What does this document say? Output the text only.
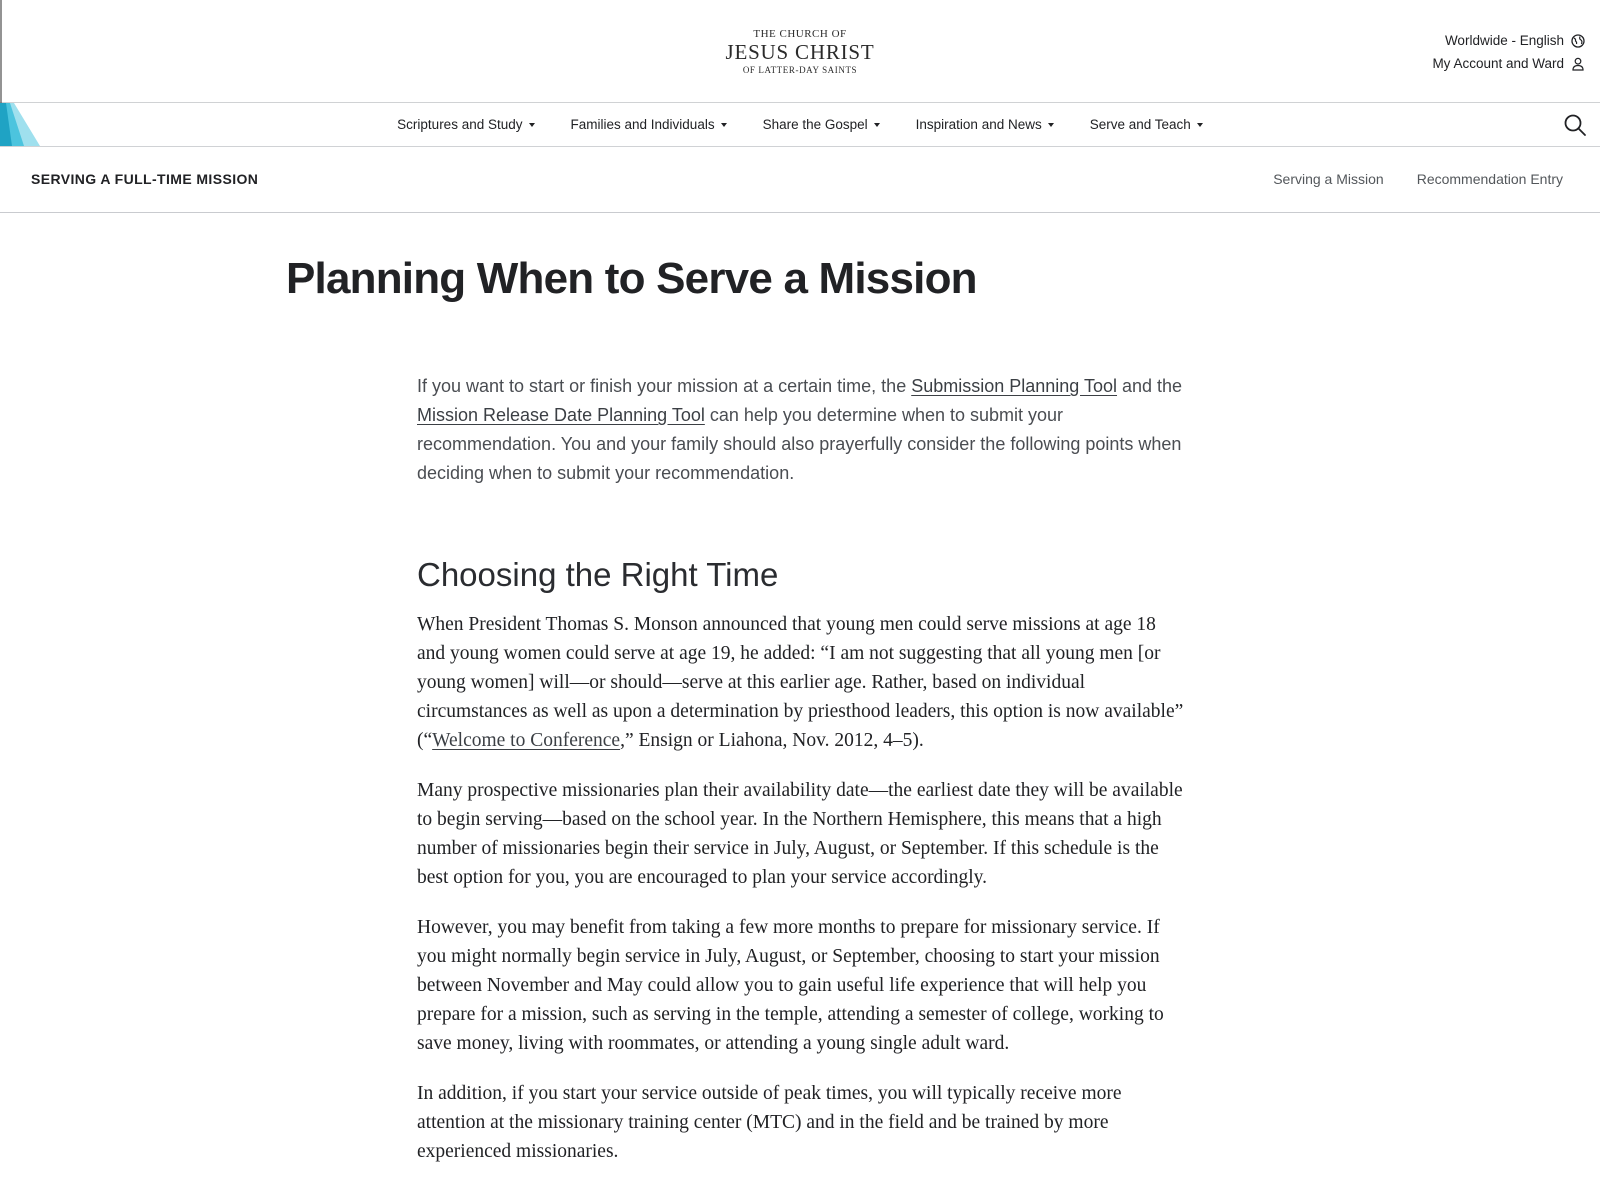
THE CHURCH OF
JESUS CHRIST
OF LATTER-DAY SAINTS
Worldwide - English
My Account and Ward
Scriptures and Study	Families and Individuals	Share the Gospel	Inspiration and News	Serve and Teach
SERVING A FULL-TIME MISSION	Serving a Mission Recommendation Entry
Planning When to Serve a Mission

If you want to start or finish your mission at a certain time, the Submission Planning Tool and the Mission Release Date Planning Tool can help you determine when to submit your recommendation. You and your family should also prayerfully consider the following points when deciding when to submit your recommendation.

Choosing the Right Time

When President Thomas S. Monson announced that young men could serve missions at age 18 and young women could serve at age 19, he added: “I am not suggesting that all young men [or young women] will—or should—serve at this earlier age. Rather, based on individual circumstances as well as upon a determination by priesthood leaders, this option is now available” (“Welcome to Conference,” Ensign or Liahona, Nov. 2012, 4–5).

Many prospective missionaries plan their availability date—the earliest date they will be available to begin serving—based on the school year. In the Northern Hemisphere, this means that a high number of missionaries begin their service in July, August, or September. If this schedule is the best option for you, you are encouraged to plan your service accordingly.

However, you may benefit from taking a few more months to prepare for missionary service. If you might normally begin service in July, August, or September, choosing to start your mission between November and May could allow you to gain useful life experience that will help you prepare for a mission, such as serving in the temple, attending a semester of college, working to save money, living with roommates, or attending a young single adult ward.

In addition, if you start your service outside of peak times, you will typically receive more attention at the missionary training center (MTC) and in the field and be trained by more experienced missionaries.
